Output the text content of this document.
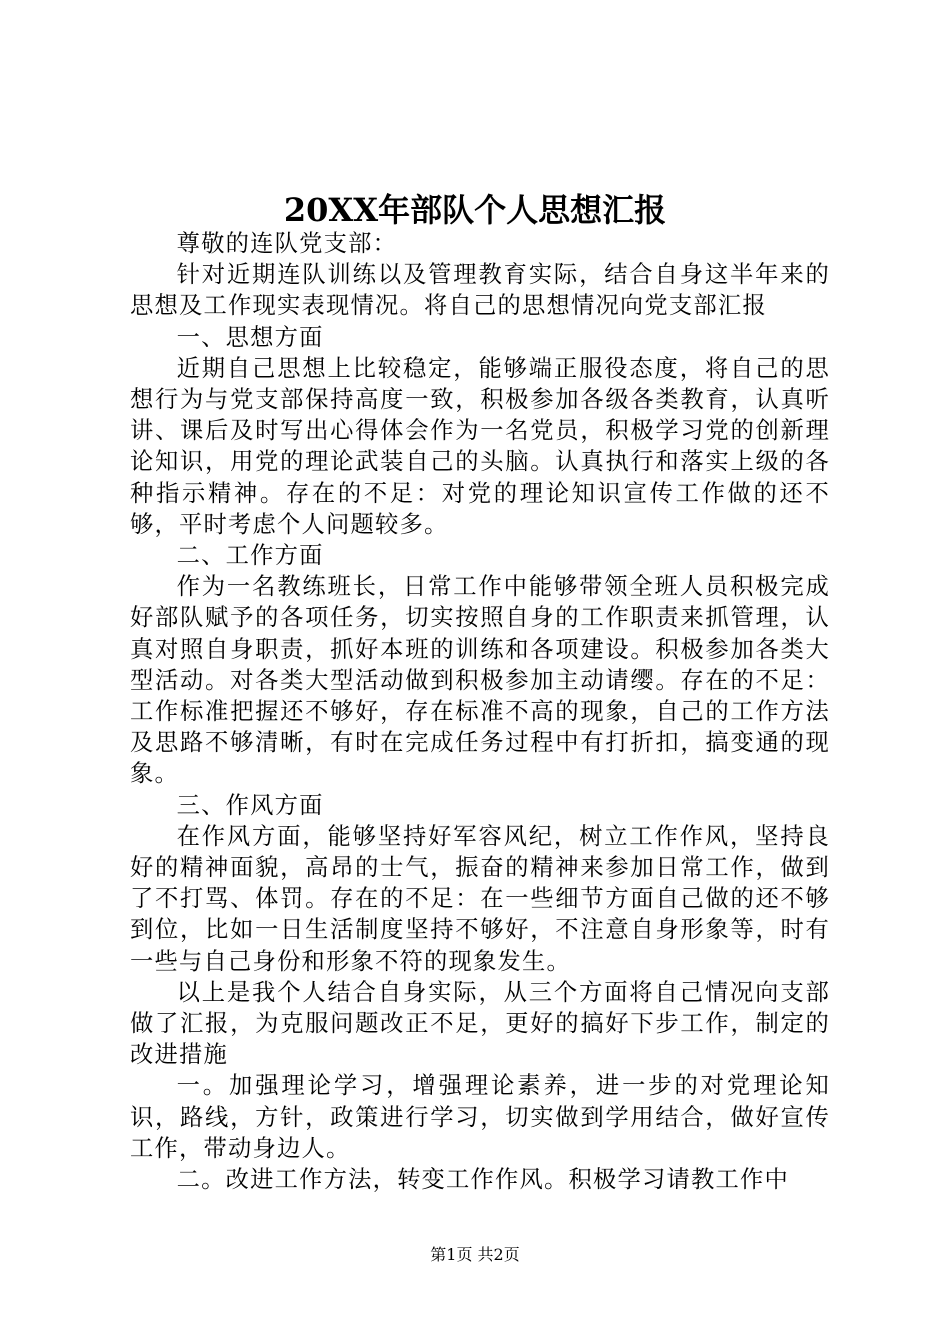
20XX年部队个人思想汇报

尊敬的连队党支部：

针对近期连队训练以及管理教育实际，结合自身这半年来的思想及工作现实表现情况。将自己的思想情况向党支部汇报

一、思想方面

近期自己思想上比较稳定，能够端正服役态度，将自己的思想行为与党支部保持高度一致，积极参加各级各类教育，认真听讲、课后及时写出心得体会作为一名党员，积极学习党的创新理论知识，用党的理论武装自己的头脑。认真执行和落实上级的各种指示精神。存在的不足：对党的理论知识宣传工作做的还不够，平时考虑个人问题较多。

二、工作方面

作为一名教练班长，日常工作中能够带领全班人员积极完成好部队赋予的各项任务，切实按照自身的工作职责来抓管理，认真对照自身职责，抓好本班的训练和各项建设。积极参加各类大型活动。对各类大型活动做到积极参加主动请缨。存在的不足：工作标准把握还不够好，存在标准不高的现象，自己的工作方法及思路不够清晰，有时在完成任务过程中有打折扣，搞变通的现象。

三、作风方面

在作风方面，能够坚持好军容风纪，树立工作作风，坚持良好的精神面貌，高昂的士气，振奋的精神来参加日常工作，做到了不打骂、体罚。存在的不足：在一些细节方面自己做的还不够到位，比如一日生活制度坚持不够好，不注意自身形象等，时有一些与自己身份和形象不符的现象发生。

以上是我个人结合自身实际，从三个方面将自己情况向支部做了汇报，为克服问题改正不足，更好的搞好下步工作，制定的改进措施

一。加强理论学习，增强理论素养，进一步的对党理论知识，路线，方针，政策进行学习，切实做到学用结合，做好宣传工作，带动身边人。

二。改进工作方法，转变工作作风。积极学习请教工作中

第1页 共2页
